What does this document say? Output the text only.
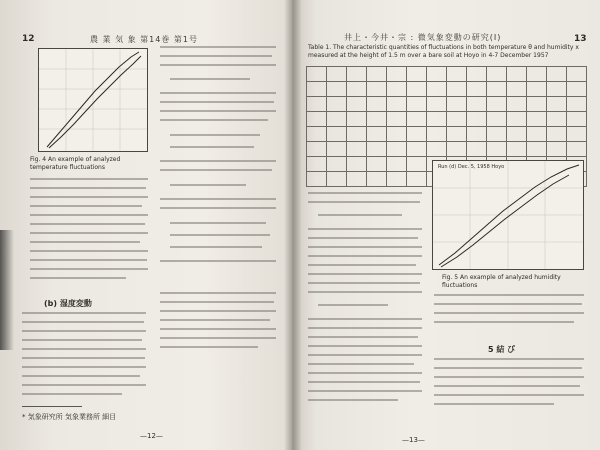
12	農 業 気 象 第14巻 第1号

Fig. 4 An example of analyzed temperature fluctuations
(b) 湿度変動
* 気象研究所 気象業務所 細目
—12—
井上・今井・宗 : 微気象変動の研究(I)	13
Table 1. The characteristic quantities of fluctuations in both temperature θ and humidity x measured at the height of 1.5 m over a bare soil at Hoyo in 4-7 December 1957

Run (d) Dec. 5, 1958 Hoyo
Fig. 5 An example of analyzed humidity fluctuations
5 結 び
—13—
